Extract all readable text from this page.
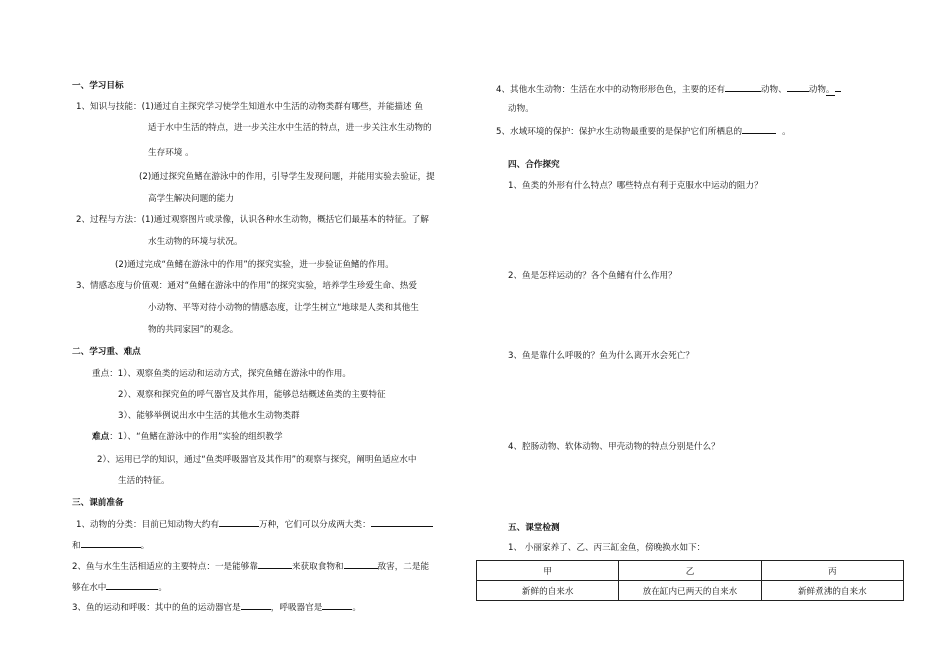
一、学习目标
1、知识与技能：(1)通过自主探究学习使学生知道水中生活的动物类群有哪些，并能描述 鱼
适于水中生活的特点，进一步关注水中生活的特点，进一步关注水生动物的
生存环境 。
(2)通过探究鱼鳍在游泳中的作用，引导学生发现问题，并能用实验去验证，提
高学生解决问题的能力
2、过程与方法：(1)通过观察图片或录像，认识各种水生动物，概括它们最基本的特征。了解
水生动物的环境与状况。
(2)通过完成“鱼鳍在游泳中的作用”的探究实验，进一步验证鱼鳍的作用。
3、情感态度与价值观：通对“鱼鳍在游泳中的作用”的探究实验，培养学生珍爱生命、热爱
小动物、平等对待小动物的情感态度，让学生树立“地球是人类和其他生
物的共同家园”的观念。
二、学习重、难点
重点：1）、观察鱼类的运动和运动方式，探究鱼鳍在游泳中的作用。
2）、观察和探究鱼的呼气器官及其作用，能够总结概述鱼类的主要特征
3）、能够举例说出水中生活的其他水生动物类群
难点：1）、“鱼鳍在游泳中的作用”实验的组织教学
2）、运用已学的知识，通过“鱼类呼吸器官及其作用”的观察与探究，阐明鱼适应水中
生活的特征。
三、课前准备
1、动物的分类：目前已知动物大约有	万种，它们可以分成两大类：
和	。
2、鱼与水生生活相适应的主要特点：一是能够靠	来获取食物和	敌害，二是能
够在水中	。
3、鱼的运动和呼吸：其中的鱼的运动器官是	，呼吸器官是	。
4、其他水生动物：生活在水中的动物形形色色，主要的还有	动物、	动物。
动物。
5、水域环境的保护：保护水生动物最重要的是保护它们所栖息的	。
四、合作探究
1、鱼类的外形有什么特点？哪些特点有利于克服水中运动的阻力？
2、鱼是怎样运动的？各个鱼鳍有什么作用？
3、鱼是靠什么呼吸的？鱼为什么离开水会死亡？
4、腔肠动物、软体动物、甲壳动物的特点分别是什么？
五、课堂检测
1、 小丽家养了、乙、丙三缸金鱼，傍晚换水如下：
甲	乙	丙
新鲜的自来水	放在缸内已两天的自来水	新鲜煮沸的自来水
